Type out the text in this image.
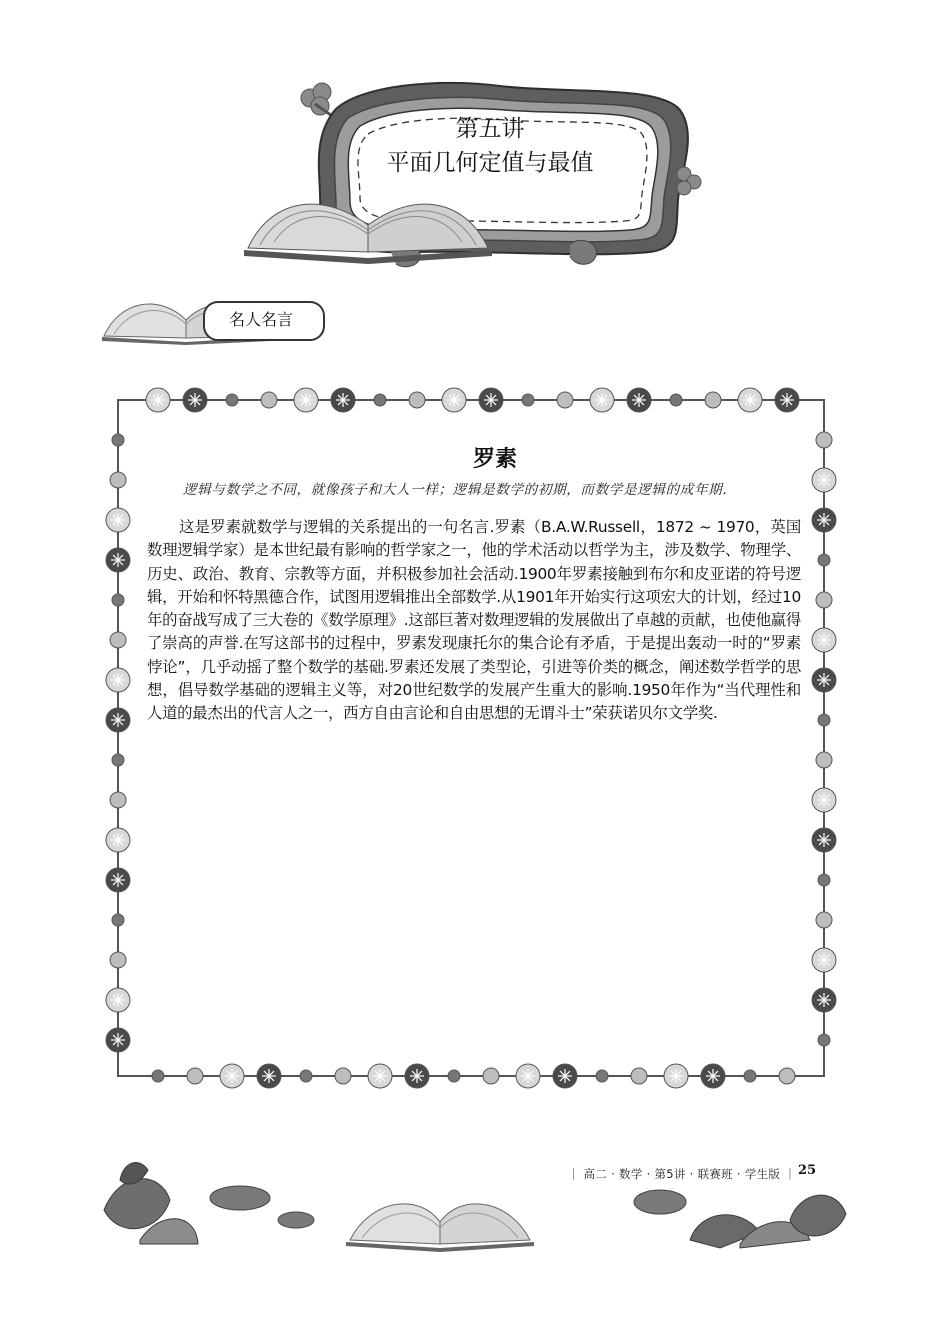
第五讲
平面几何定值与最值
名人名言
罗素
逻辑与数学之不同，就像孩子和大人一样；逻辑是数学的初期，而数学是逻辑的成年期.
这是罗素就数学与逻辑的关系提出的一句名言.罗素（B.A.W.Russell，1872 ~ 1970，英国数理逻辑学家）是本世纪最有影响的哲学家之一，他的学术活动以哲学为主，涉及数学、物理学、历史、政治、教育、宗教等方面，并积极参加社会活动.1900年罗素接触到布尔和皮亚诺的符号逻辑，开始和怀特黑德合作，试图用逻辑推出全部数学.从1901年开始实行这项宏大的计划，经过10年的奋战写成了三大卷的《数学原理》.这部巨著对数理逻辑的发展做出了卓越的贡献，也使他赢得了崇高的声誉.在写这部书的过程中，罗素发现康托尔的集合论有矛盾，于是提出轰动一时的“罗素悖论”，几乎动摇了整个数学的基础.罗素还发展了类型论，引进等价类的概念，阐述数学哲学的思想，倡导数学基础的逻辑主义等，对20世纪数学的发展产生重大的影响.1950年作为“当代理性和人道的最杰出的代言人之一，西方自由言论和自由思想的无谓斗士”荣获诺贝尔文学奖.
｜ 高二 · 数学 · 第5讲 · 联赛班 · 学生版 ｜ 25
